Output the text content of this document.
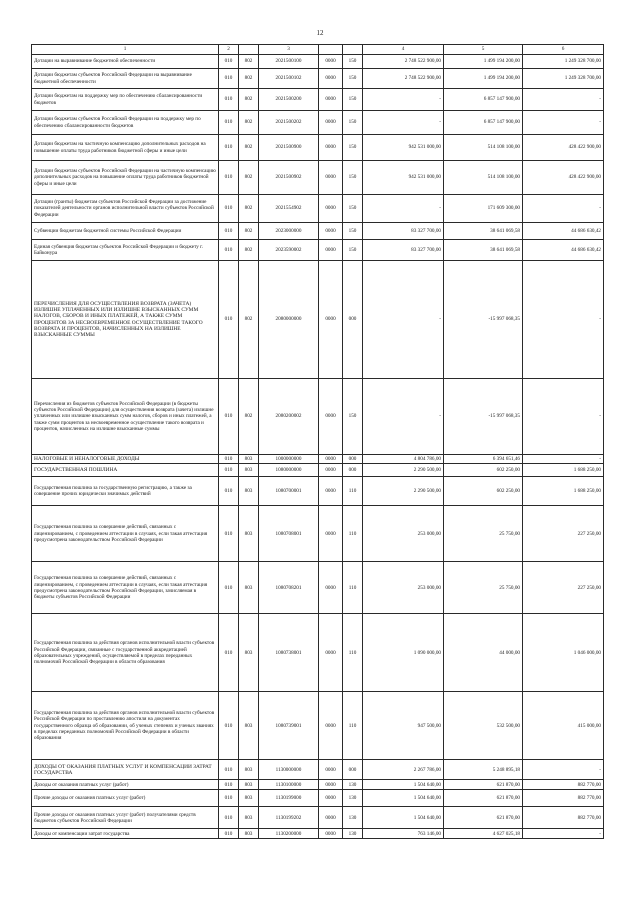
12
1	2		3			4	5	6
Дотации на выравнивание бюджетной обеспеченности	010	802	2021500100	0000	150	2 748 522 900,00	1 499 194 200,00	1 249 328 700,00
Дотации бюджетам субъектов Российской Федерации на выравнивание бюджетной обеспеченности	010	802	2021500102	0000	150	2 748 522 900,00	1 499 194 200,00	1 249 328 700,00
Дотации бюджетам на поддержку мер по обеспечению сбалансированности бюджетов	010	802	2021500200	0000	150	-	6 857 147 900,00	-
Дотации бюджетам субъектов Российской Федерации на поддержку мер по обеспечению сбалансированности бюджетов	010	802	2021500202	0000	150	-	6 857 147 900,00	-
Дотации бюджетам на частичную компенсацию дополнительных расходов на повышение оплаты труда работников бюджетной сферы и иные цели	010	802	2021500900	0000	150	942 531 000,00	514 108 100,00	428 422 900,00
Дотации бюджетам субъектов Российской Федерации на частичную компенсацию дополнительных расходов на повышение оплаты труда работников бюджетной сферы и иные цели	010	802	2021500902	0000	150	942 531 000,00	514 108 100,00	428 422 900,00
Дотации (гранты) бюджетам субъектов Российской Федерации за достижение показателей деятельности органов исполнительной власти субъектов Российской Федерации	010	802	2021554902	0000	150	-	171 609 300,00	-
Субвенции бюджетам бюджетной системы Российской Федерации	010	802	2023000000	0000	150	83 327 700,00	38 641 069,58	44 686 630,42
Единая субвенция бюджетам субъектов Российской Федерации и бюджету г. Байконура	010	802	2023590002	0000	150	83 327 700,00	38 641 069,58	44 686 630,42
ПЕРЕЧИСЛЕНИЯ ДЛЯ ОСУЩЕСТВЛЕНИЯ ВОЗВРАТА (ЗАЧЕТА) ИЗЛИШНЕ УПЛАЧЕННЫХ ИЛИ ИЗЛИШНЕ ВЗЫСКАННЫХ СУММ НАЛОГОВ, СБОРОВ И ИНЫХ ПЛАТЕЖЕЙ, А ТАКЖЕ СУММ ПРОЦЕНТОВ ЗА НЕСВОЕВРЕМЕННОЕ ОСУЩЕСТВЛЕНИЕ ТАКОГО ВОЗВРАТА И ПРОЦЕНТОВ, НАЧИСЛЕННЫХ НА ИЗЛИШНЕ ВЗЫСКАННЫЕ СУММЫ	010	802	2080000000	0000	000	-	-15 997 068,35	-
Перечисления из бюджетов субъектов Российской Федерации (в бюджеты субъектов Российской Федерации) для осуществления возврата (зачета) излишне уплаченных или излишне взысканных сумм налогов, сборов и иных платежей, а также сумм процентов за несвоевременное осуществление такого возврата и процентов, начисленных на излишне взысканные суммы	010	802	2080200002	0000	150	-	-15 997 068,35	-
НАЛОГОВЫЕ И НЕНАЛОГОВЫЕ ДОХОДЫ	010	803	1000000000	0000	000	4 804 786,00	6 394 651,46	-
ГОСУДАРСТВЕННАЯ ПОШЛИНА	010	803	1080000000	0000	000	2 290 500,00	602 250,00	1 688 250,00
Государственная пошлина за государственную регистрацию, а также за совершение прочих юридически значимых действий	010	803	1080700001	0000	110	2 290 500,00	602 250,00	1 688 250,00
Государственная пошлина за совершение действий, связанных с лицензированием, с проведением аттестации в случаях, если такая аттестация предусмотрена законодательством Российской Федерации	010	803	1080708001	0000	110	253 000,00	25 750,00	227 250,00
Государственная пошлина за совершение действий, связанных с лицензированием, с проведением аттестации в случаях, если такая аттестация предусмотрена законодательством Российской Федерации, зачисляемая в бюджеты субъектов Российской Федерации	010	803	1080708201	0000	110	253 000,00	25 750,00	227 250,00
Государственная пошлина за действия органов исполнительной власти субъектов Российской Федерации, связанные с государственной аккредитацией образовательных учреждений, осуществляемой в пределах переданных полномочий Российской Федерации в области образования	010	803	1080738001	0000	110	1 090 000,00	44 000,00	1 046 000,00
Государственная пошлина за действия органов исполнительной власти субъектов Российской Федерации по проставлению апостиля на документах государственного образца об образовании, об ученых степенях и ученых званиях в пределах переданных полномочий Российской Федерации в области образования	010	803	1080739001	0000	110	947 500,00	532 500,00	415 000,00
ДОХОДЫ ОТ ОКАЗАНИЯ ПЛАТНЫХ УСЛУГ И КОМПЕНСАЦИИ ЗАТРАТ ГОСУДАРСТВА	010	803	1130000000	0000	000	2 267 786,00	5 248 895,18	-
Доходы от оказания платных услуг (работ)	010	803	1130100000	0000	130	1 504 640,00	621 870,00	882 770,00
Прочие доходы от оказания платных услуг (работ)	010	803	1130199000	0000	130	1 504 640,00	621 870,00	882 770,00
Прочие доходы от оказания платных услуг (работ) получателями средств бюджетов субъектов Российской Федерации	010	803	1130199202	0000	130	1 504 640,00	621 870,00	882 770,00
Доходы от компенсации затрат государства	010	803	1130200000	0000	130	763 146,00	4 627 025,18	-
